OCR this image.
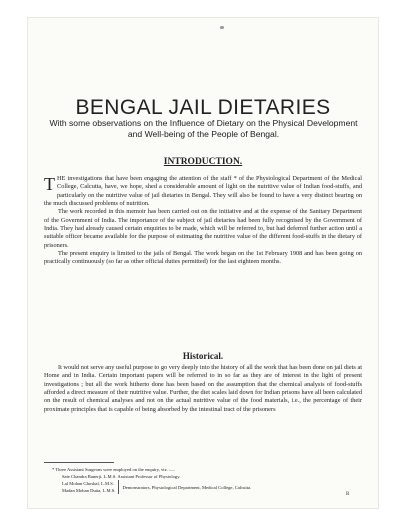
BENGAL JAIL DIETARIES
With some observations on the Influence of Dietary on the Physical Development and Well-being of the People of Bengal.
INTRODUCTION.

THE investigations that have been engaging the attention of the staff * of the Physiological Department of the Medical College, Calcutta, have, we hope, shed a considerable amount of light on the nutritive value of Indian food-stuffs, and particularly on the nutritive value of jail dietaries in Bengal. They will also be found to have a very distinct bearing on the much discussed problems of nutrition.

The work recorded in this memoir has been carried out on the initiative and at the expense of the Sanitary Department of the Government of India. The importance of the subject of jail dietaries had been fully recognised by the Government of India. They had already caused certain enquiries to be made, which will be referred to, but had deferred further action until a suitable officer became available for the purpose of estimating the nutritive value of the different food-stuffs in the dietary of prisoners.

The present enquiry is limited to the jails of Bengal. The work began on the 1st February 1908 and has been going on practically continuously (so far as other official duties permitted) for the last eighteen months.

Historical.

It would not serve any useful purpose to go very deeply into the history of all the work that has been done on jail diets at Home and in India. Certain important papers will be referred to in so far as they are of interest in the light of present investigations ; but all the work hitherto done has been based on the assumption that the chemical analysis of food-stuffs afforded a direct measure of their nutritive value. Further, the diet scales laid down for Indian prisons have all been calculated on the result of chemical analyses and not on the actual nutritive value of the food materials, i.e., the percentage of their proximate principles that is capable of being absorbed by the intestinal tract of the prisoners

* Three Assistant Surgeons were employed on the enquiry, viz. :—
Sate Chandra Banerji, L.M.S. Assistant Professor of Physiology.
Lal Mohan Ghoshal, L.M.S.
Madan Mohan Dutta, L.M.S.
Demonstrators, Physiological Department, Medical College, Calcutta.
B
